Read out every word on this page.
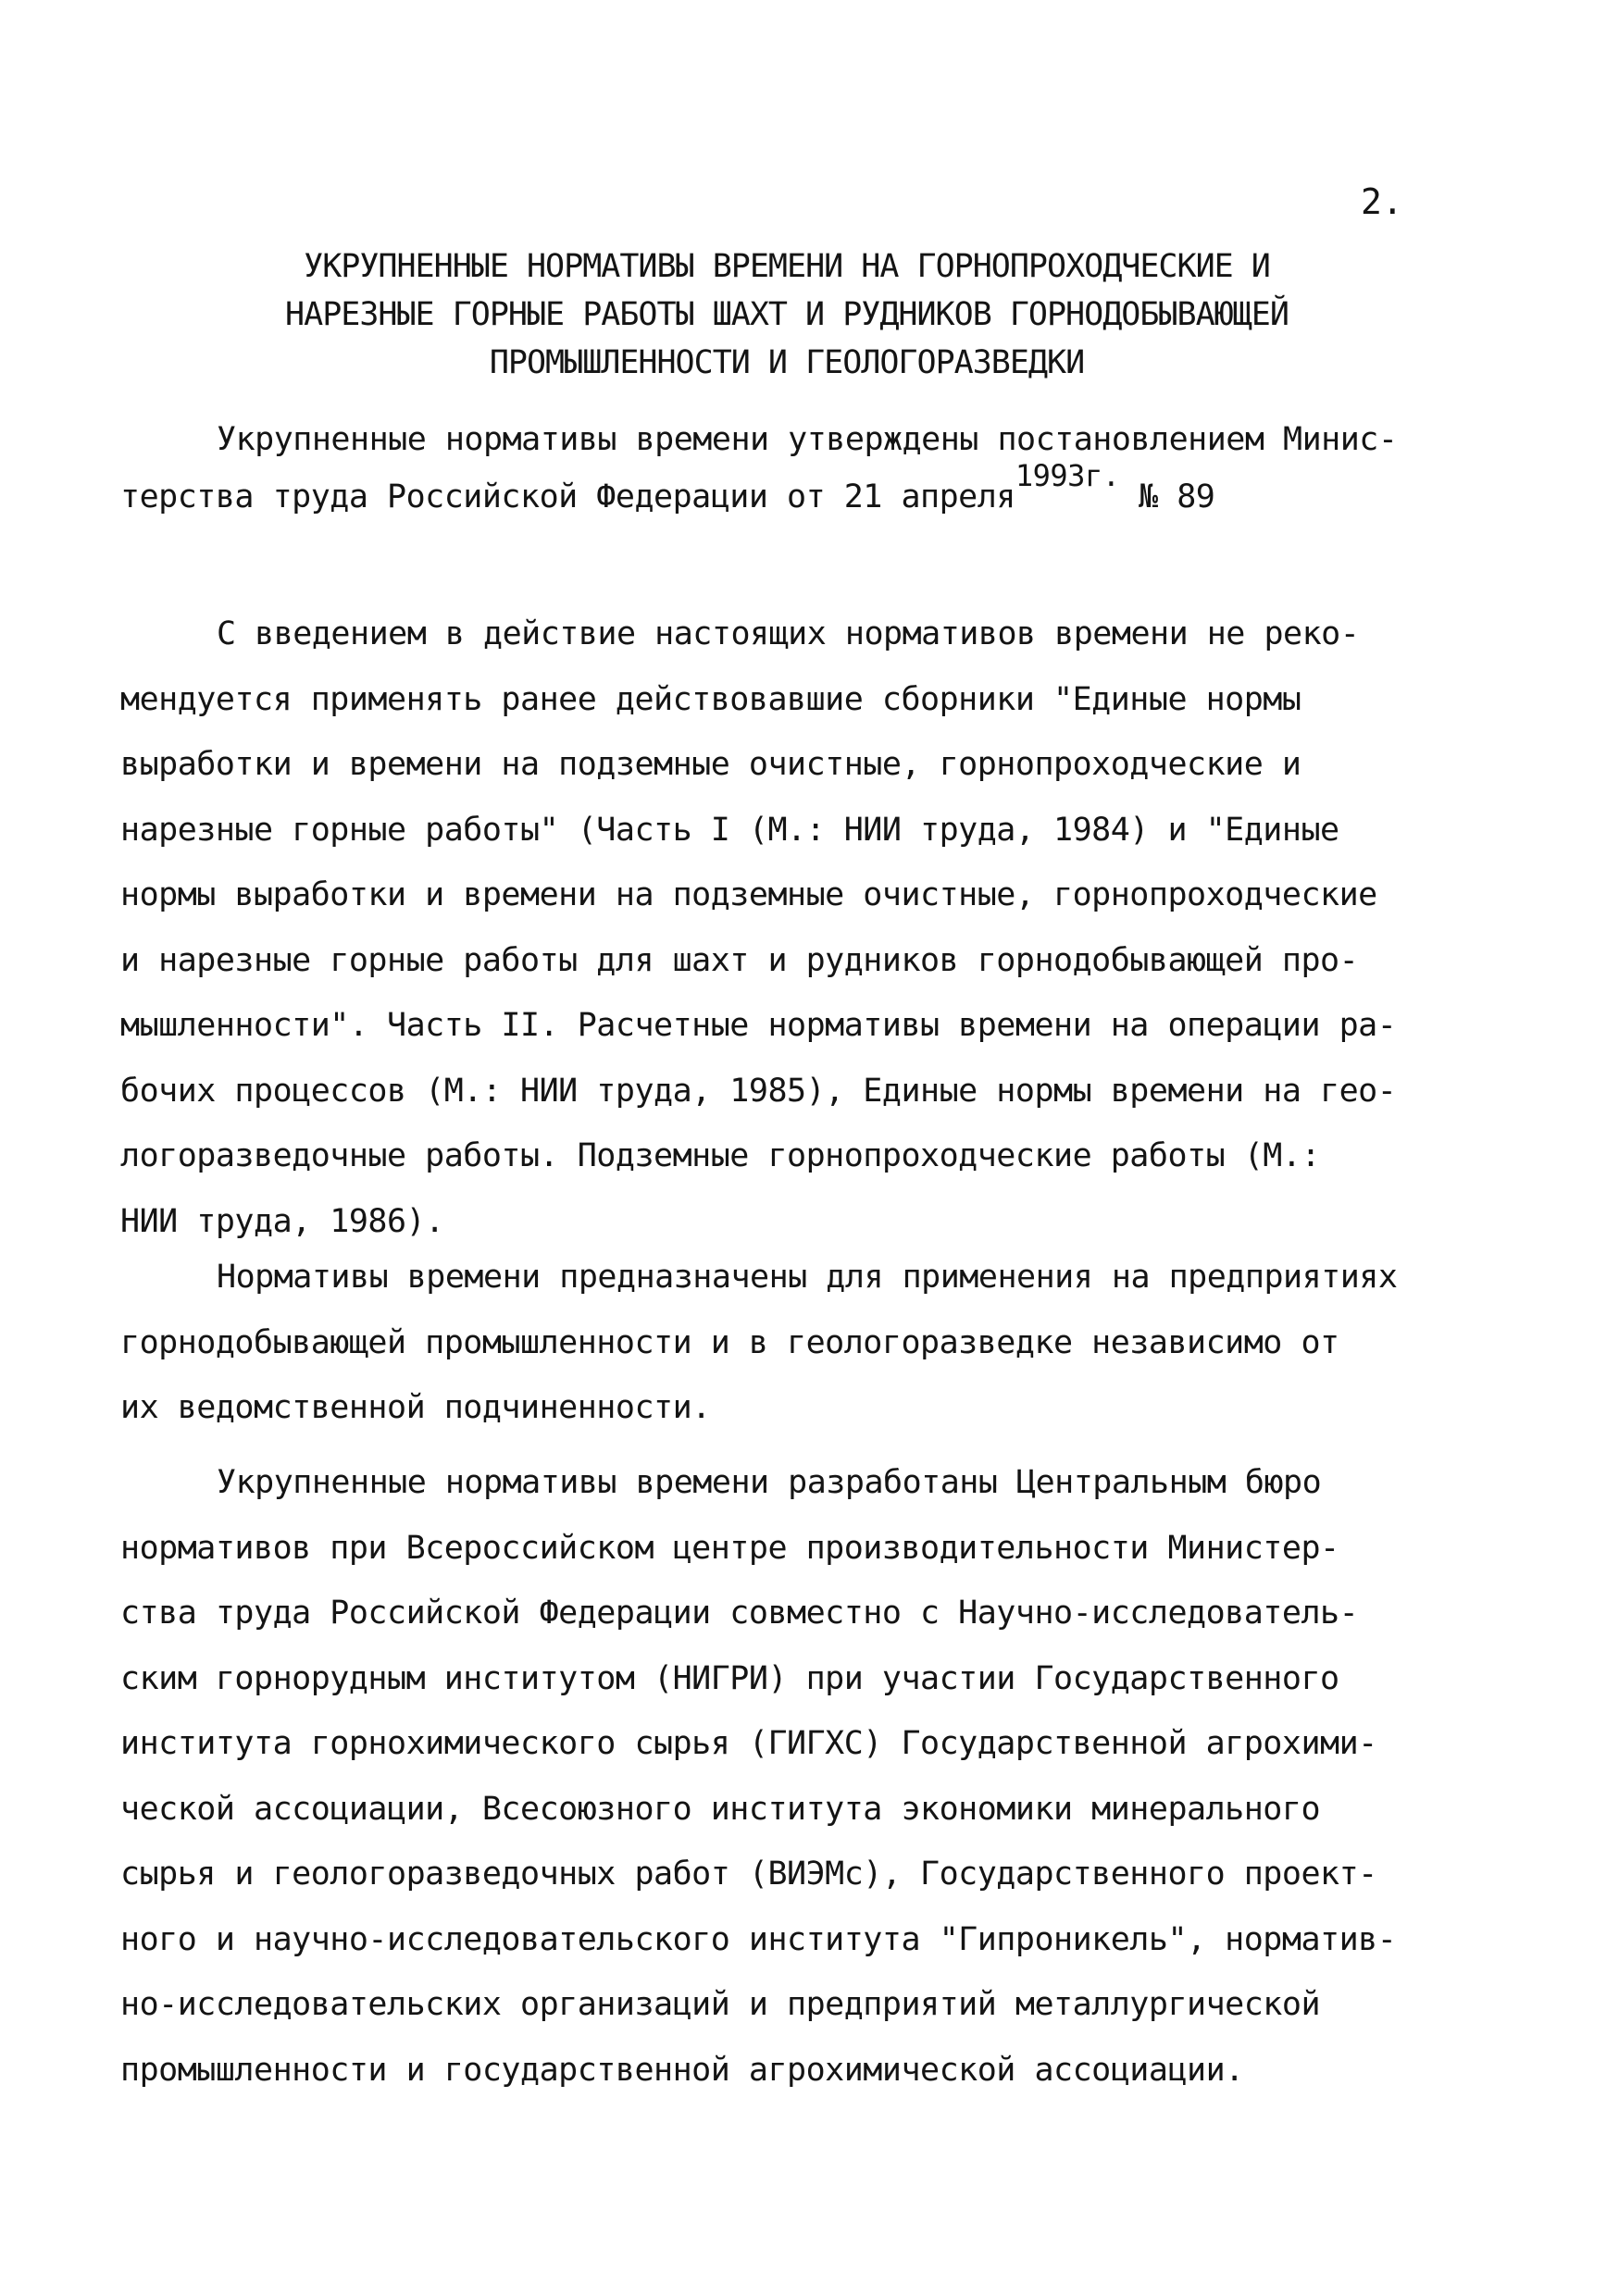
2.
УКРУПНЕННЫЕ НОРМАТИВЫ ВРЕМЕНИ НА ГОРНОПРОХОДЧЕСКИЕ И
НАРЕЗНЫЕ ГОРНЫЕ РАБОТЫ ШАХТ И РУДНИКОВ ГОРНОДОБЫВАЮЩЕЙ
ПРОМЫШЛЕННОСТИ И ГЕОЛОГОРАЗВЕДКИ
Укрупненные нормативы времени утверждены постановлением Минис-
терства труда Российской Федерации от 21 апреля$^{1993г.}$ № 89
С введением в действие настоящих нормативов времени не реко-
мендуется применять ранее действовавшие сборники "Единые нормы
выработки и времени на подземные очистные, горнопроходческие и
нарезные горные работы" (Часть I (М.: НИИ труда, 1984) и "Единые
нормы выработки и времени на подземные очистные, горнопроходческие
и нарезные горные работы для шахт и рудников горнодобывающей про-
мышленности". Часть II. Расчетные нормативы времени на операции ра-
бочих процессов (М.: НИИ труда, 1985), Единые нормы времени на гео-
логоразведочные работы. Подземные горнопроходческие работы (М.:
НИИ труда, 1986).
Нормативы времени предназначены для применения на предприятиях
горнодобывающей промышленности и в геологоразведке независимо от
их ведомственной подчиненности.
Укрупненные нормативы времени разработаны Центральным бюро
нормативов при Всероссийском центре производительности Министер-
ства труда Российской Федерации совместно с Научно-исследователь-
ским горнорудным институтом (НИГРИ) при участии Государственного
института горнохимического сырья (ГИГХС) Государственной агрохими-
ческой ассоциации, Всесоюзного института экономики минерального
сырья и геологоразведочных работ (ВИЭМс), Государственного проект-
ного и научно-исследовательского института "Гипроникель", норматив-
но-исследовательских организаций и предприятий металлургической
промышленности и государственной агрохимической ассоциации.
